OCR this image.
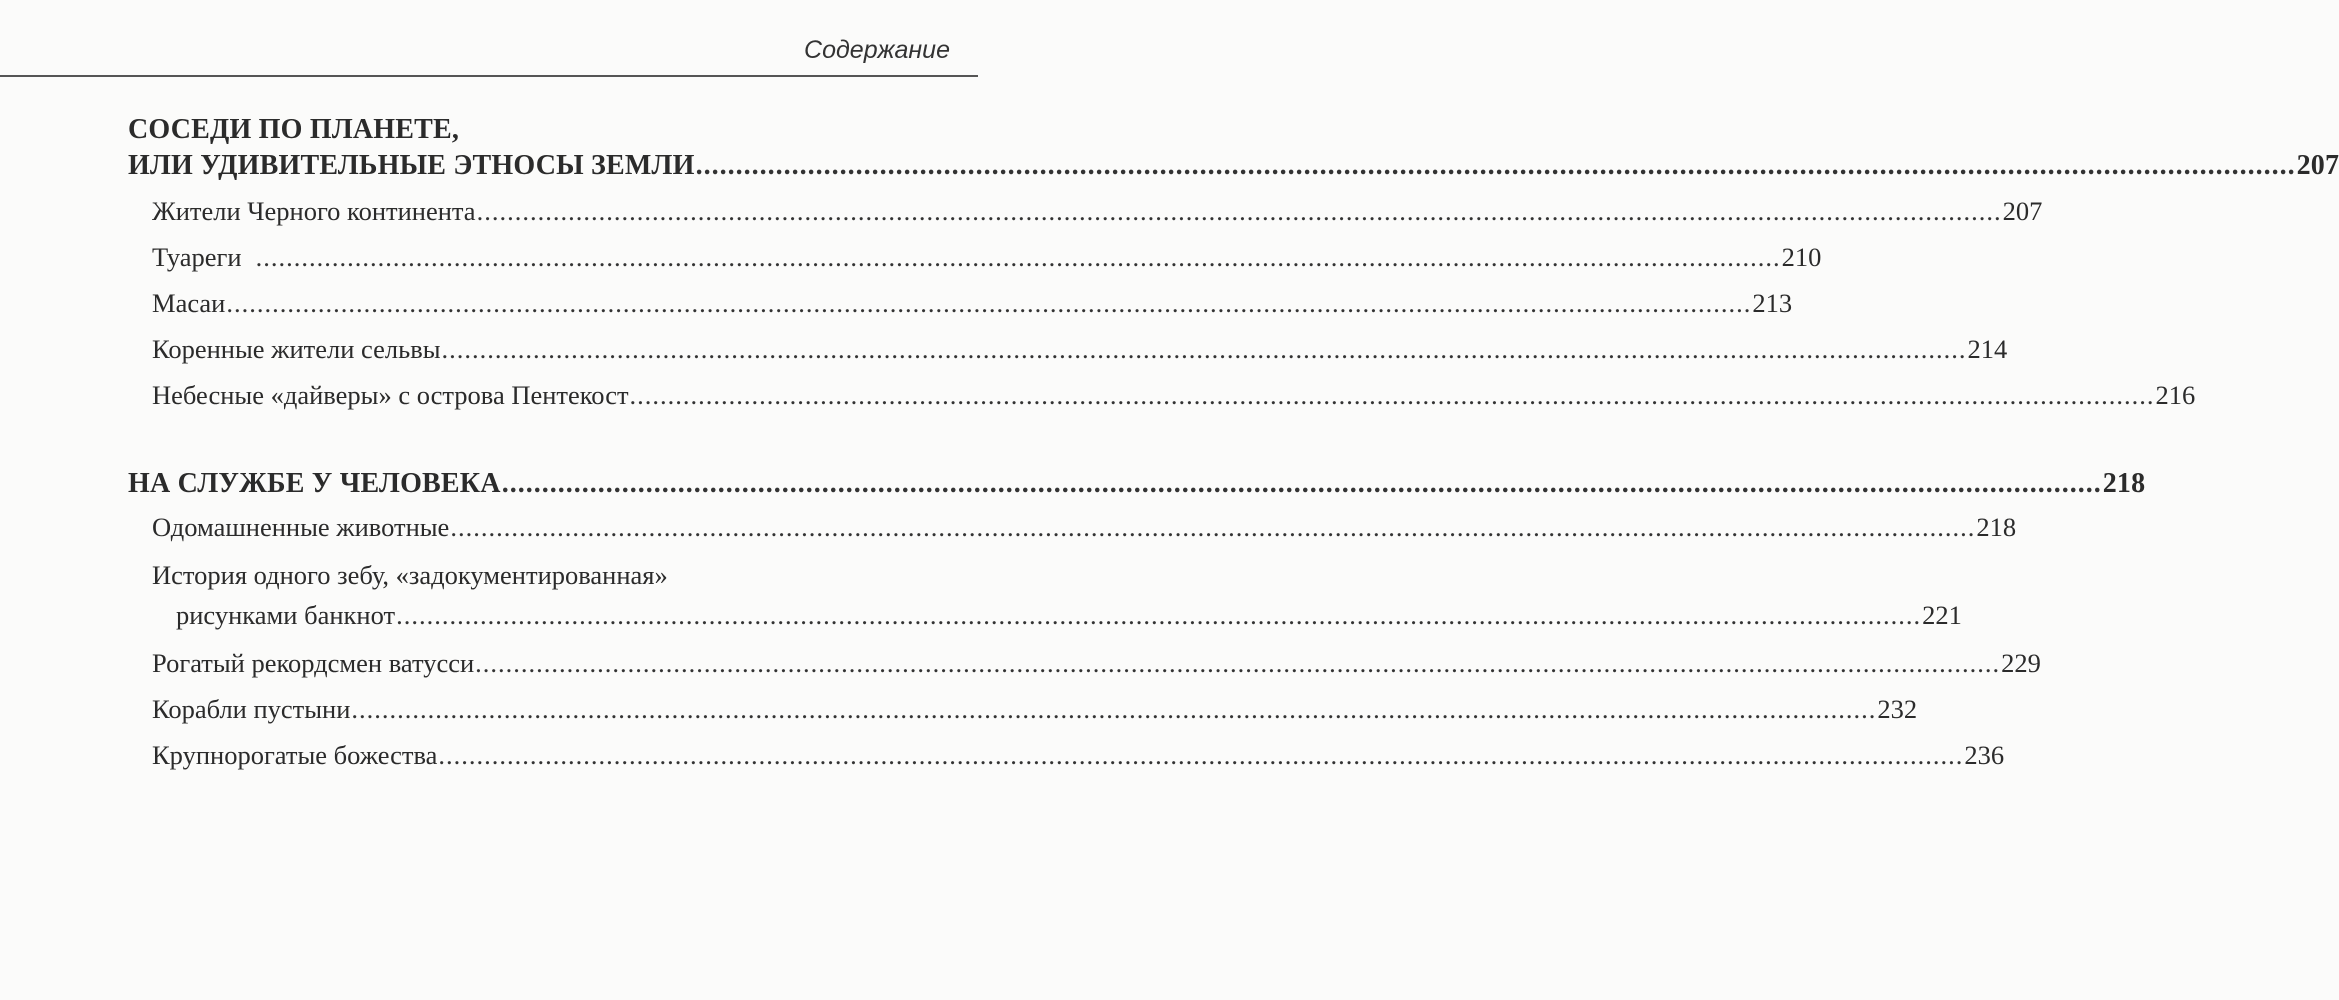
Содержание
СОСЕДИ ПО ПЛАНЕТЕ,
ИЛИ УДИВИТЕЛЬНЫЕ ЭТНОСЫ ЗЕМЛИ ........................................................................................................................................................................................................ 207
Жители Черного континента ........................................................................................................................................................................................................ 207
Туареги ........................................................................................................................................................................................................ 210
Масаи ........................................................................................................................................................................................................ 213
Коренные жители сельвы ........................................................................................................................................................................................................ 214
Небесные «дайверы» с острова Пентекост ........................................................................................................................................................................................................ 216
НА СЛУЖБЕ У ЧЕЛОВЕКА ........................................................................................................................................................................................................ 218
Одомашненные животные ........................................................................................................................................................................................................ 218
История одного зебу, «задокументированная»
рисунками банкнот ........................................................................................................................................................................................................ 221
Рогатый рекордсмен ватусси ........................................................................................................................................................................................................ 229
Корабли пустыни ........................................................................................................................................................................................................ 232
Крупнорогатые божества ........................................................................................................................................................................................................ 236
